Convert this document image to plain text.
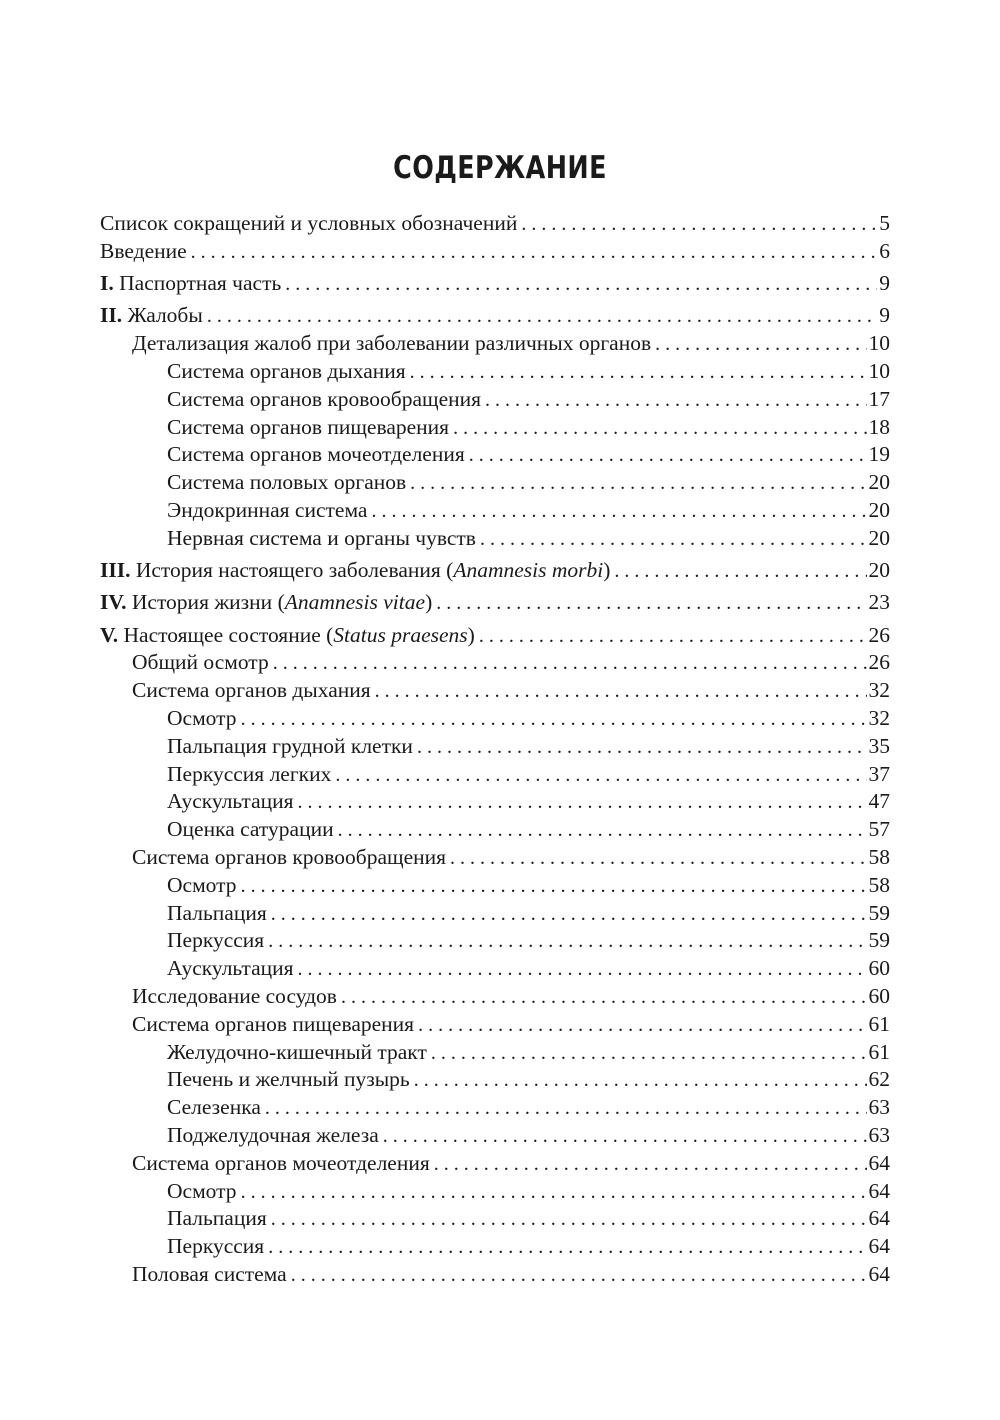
СОДЕРЖАНИЕ
Список сокращений и условных обозначений . . .	5
Введение . . .	6
I. Паспортная часть . . .	9
II. Жалобы . . .	9
Детализация жалоб при заболевании различных органов . . .	10
Система органов дыхания . . .	10
Система органов кровообращения . . .	17
Система органов пищеварения . . .	18
Система органов мочеотделения . . .	19
Система половых органов . . .	20
Эндокринная система . . .	20
Нервная система и органы чувств . . .	20
III. История настоящего заболевания (Anamnesis morbi) . . .	20
IV. История жизни (Anamnesis vitae) . . .	23
V. Настоящее состояние (Status praesens) . . .	26
Общий осмотр . . .	26
Система органов дыхания . . .	32
Осмотр . . .	32
Пальпация грудной клетки . . .	35
Перкуссия легких . . .	37
Аускультация . . .	47
Оценка сатурации . . .	57
Система органов кровообращения . . .	58
Осмотр . . .	58
Пальпация . . .	59
Перкуссия . . .	59
Аускультация . . .	60
Исследование сосудов . . .	60
Система органов пищеварения . . .	61
Желудочно-кишечный тракт . . .	61
Печень и желчный пузырь . . .	62
Селезенка . . .	63
Поджелудочная железа . . .	63
Система органов мочеотделения . . .	64
Осмотр . . .	64
Пальпация . . .	64
Перкуссия . . .	64
Половая система . . .	64
